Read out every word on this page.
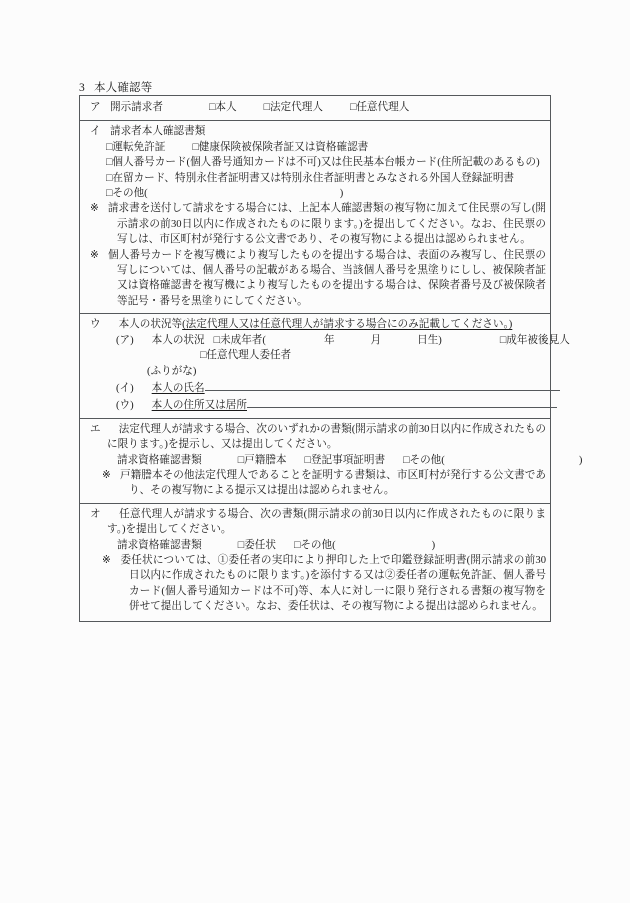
3 本人確認等
ア 開示請求者	□本人	□法定代理人	□任意代理人
イ 請求者本人確認書類
□運転免許証	□健康保険被保険者証又は資格確認書
□個人番号カード(個人番号通知カードは不可)又は住民基本台帳カード(住所記載のあるもの)
□在留カード、特別永住者証明書又は特別永住者証明書とみなされる外国人登録証明書
□その他(	)
※ 請求書を送付して請求をする場合には、上記本人確認書類の複写物に加えて住民票の写し(開示請求の前30日以内に作成されたものに限ります。)を提出してください。なお、住民票の写しは、市区町村が発行する公文書であり、その複写物による提出は認められません。
※ 個人番号カードを複写機により複写したものを提出する場合は、表面のみ複写し、住民票の写しについては、個人番号の記載がある場合、当該個人番号を黒塗りにしし、被保険者証又は資格確認書を複写機により複写したものを提出する場合は、保険者番号及び被保険者等記号・番号を黒塗りにしてください。
ウ 本人の状況等(法定代理人又は任意代理人が請求する場合にのみ記載してください。)
(ア) 本人の状況 □未成年者(	年	月	日生)	□成年被後見人
□任意代理人委任者
(ふりがな)
(イ) 本人の氏名
(ウ) 本人の住所又は居所
エ 法定代理人が請求する場合、次のいずれかの書類(開示請求の前30日以内に作成されたものに限ります。)を提示し、又は提出してください。
請求資格確認書類	□戸籍謄本 □登記事項証明書 □その他(	)
※ 戸籍謄本その他法定代理人であることを証明する書類は、市区町村が発行する公文書であり、その複写物による提示又は提出は認められません。
オ 任意代理人が請求する場合、次の書類(開示請求の前30日以内に作成されたものに限ります。)を提出してください。
請求資格確認書類	□委任状 □その他(	)
※ 委任状については、①委任者の実印により押印した上で印鑑登録証明書(開示請求の前30日以内に作成されたものに限ります。)を添付する又は②委任者の運転免許証、個人番号カード(個人番号通知カードは不可)等、本人に対し一に限り発行される書類の複写物を併せて提出してください。なお、委任状は、その複写物による提出は認められません。
